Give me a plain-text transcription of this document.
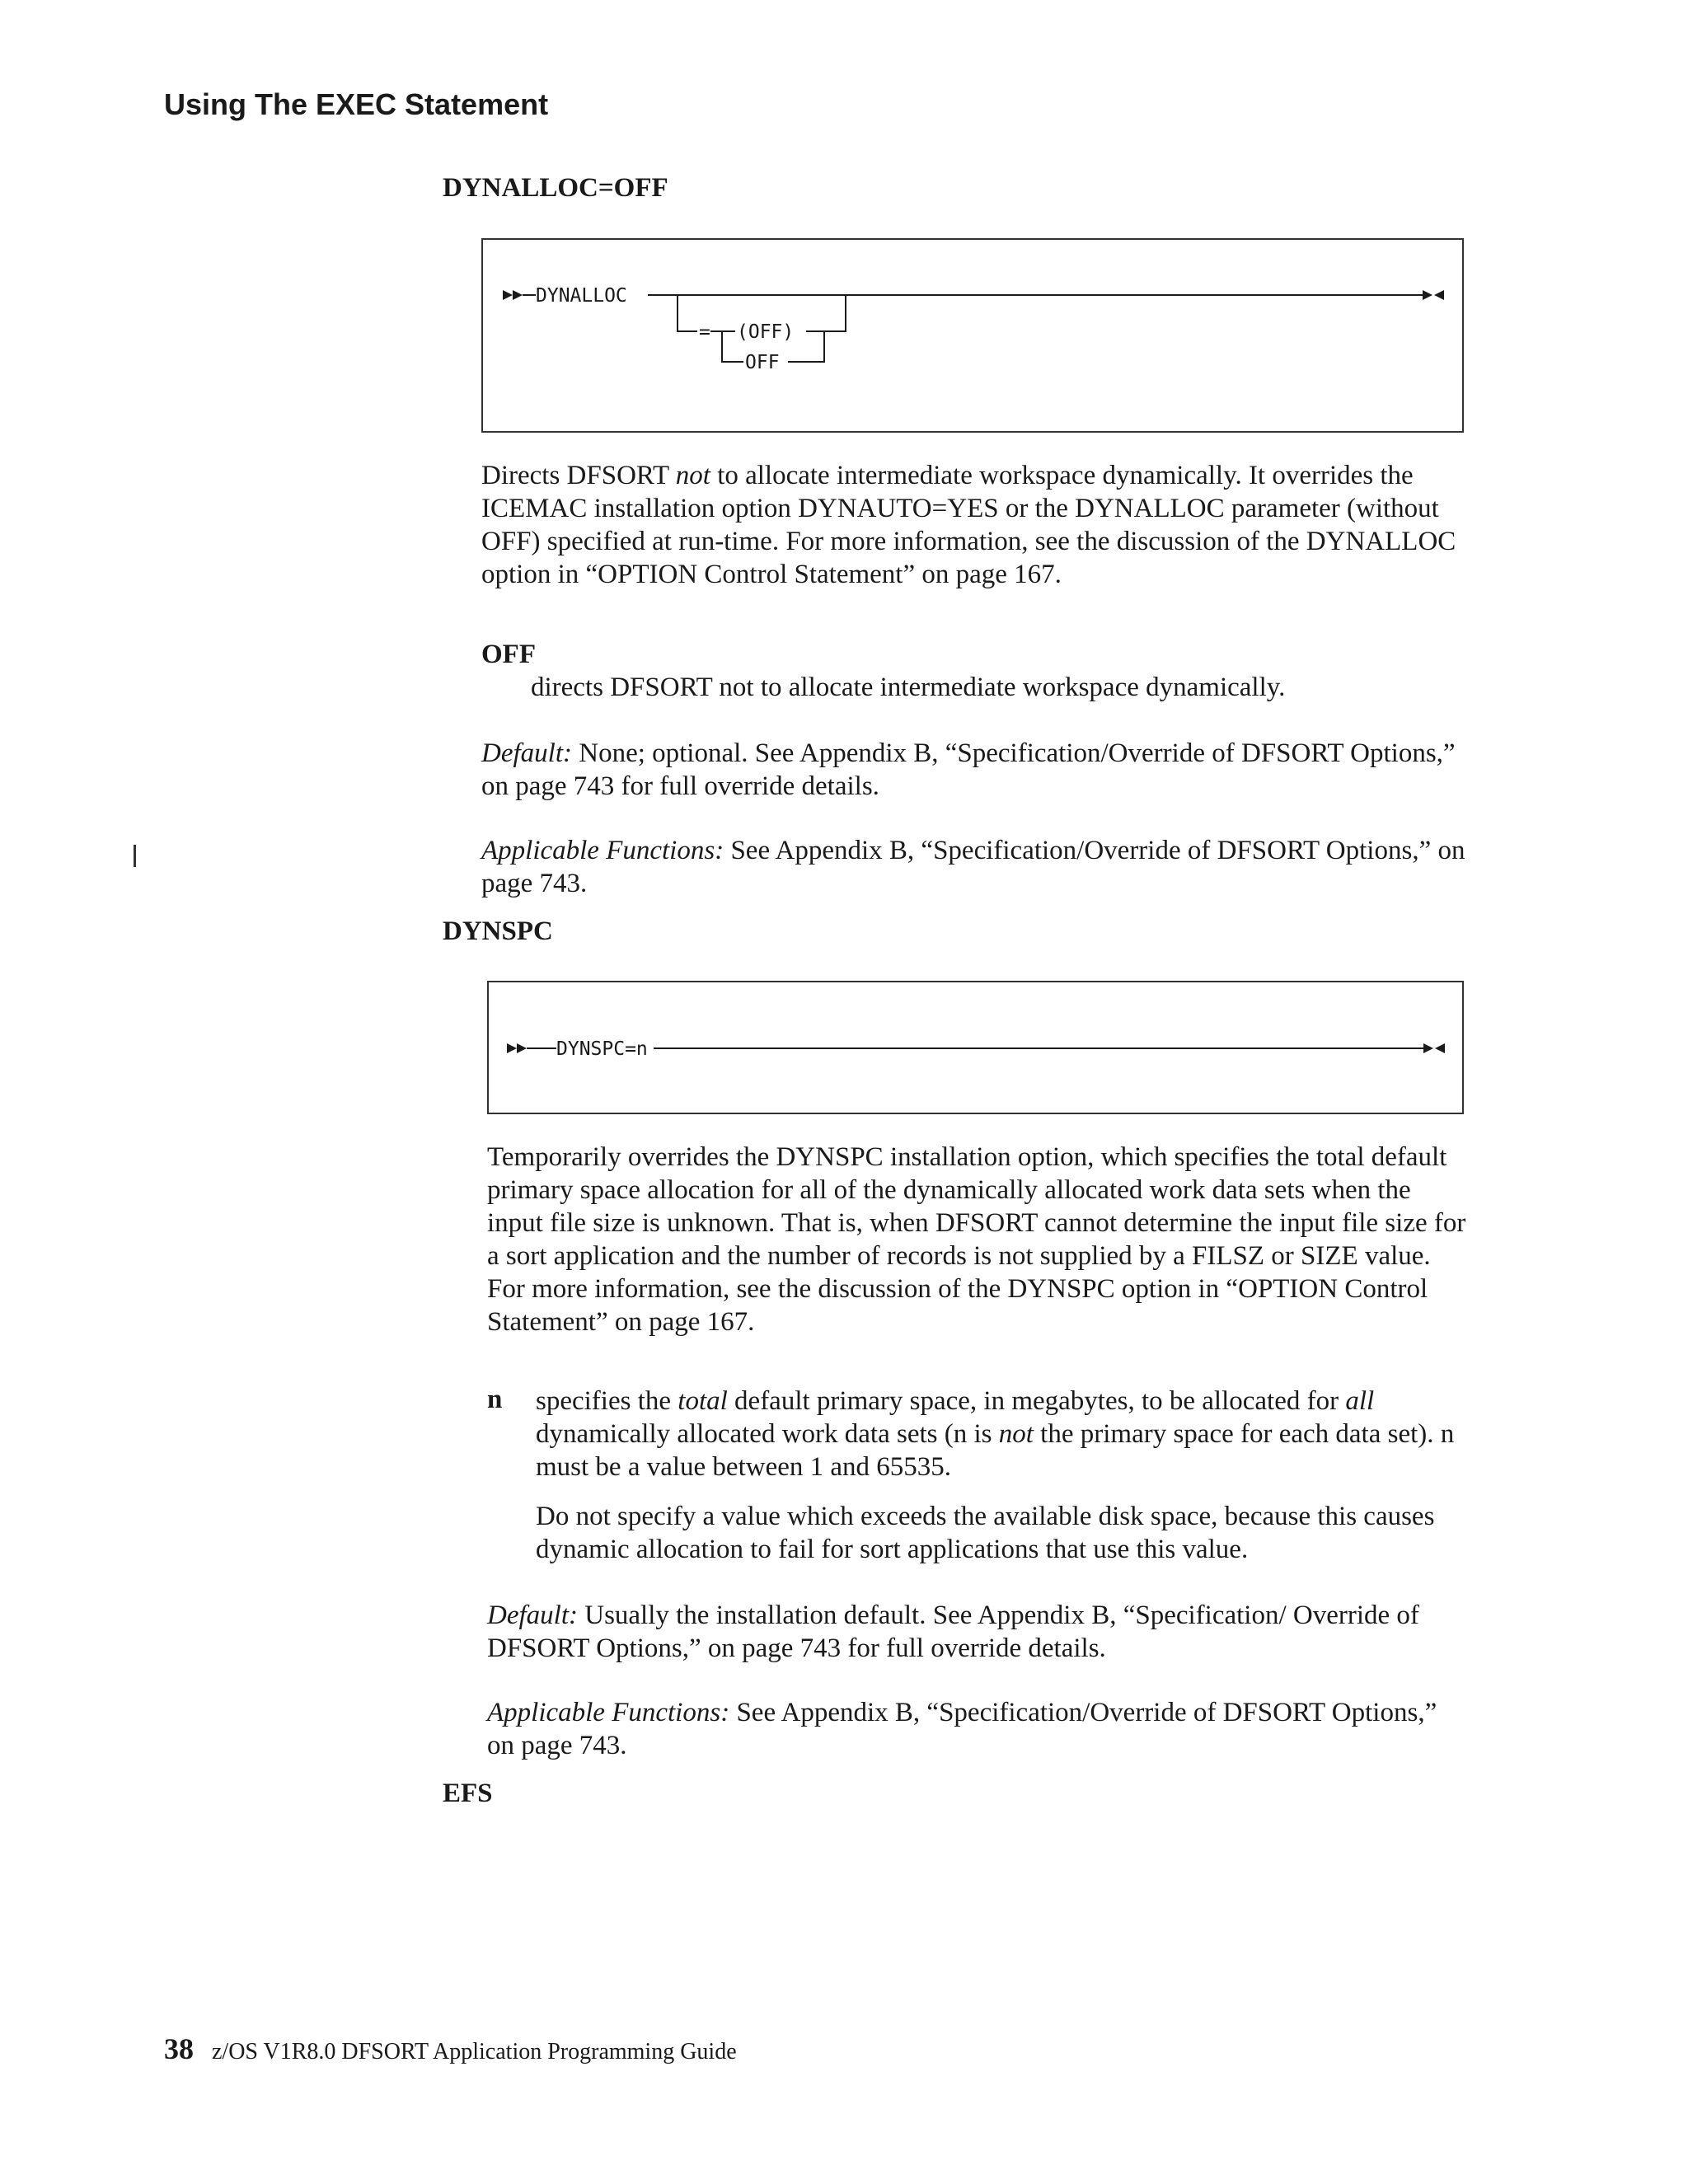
Using The EXEC Statement
DYNALLOC=OFF
DYNALLOC
= (OFF)
OFF

Directs DFSORT not to allocate intermediate workspace dynamically. It overrides the ICEMAC installation option DYNAUTO=YES or the DYNALLOC parameter (without OFF) specified at run-time. For more information, see the discussion of the DYNALLOC option in “OPTION Control Statement” on page 167.

OFF

directs DFSORT not to allocate intermediate workspace dynamically.

Default: None; optional. See Appendix B, “Specification/Override of DFSORT Options,” on page 743 for full override details.

Applicable Functions: See Appendix B, “Specification/Override of DFSORT Options,” on page 743.

DYNSPC
DYNSPC=n

Temporarily overrides the DYNSPC installation option, which specifies the total default primary space allocation for all of the dynamically allocated work data sets when the input file size is unknown. That is, when DFSORT cannot determine the input file size for a sort application and the number of records is not supplied by a FILSZ or SIZE value. For more information, see the discussion of the DYNSPC option in “OPTION Control Statement” on page 167.

n specifies the total default primary space, in megabytes, to be allocated for all dynamically allocated work data sets (n is not the primary space for each data set). n must be a value between 1 and 65535.

Do not specify a value which exceeds the available disk space, because this causes dynamic allocation to fail for sort applications that use this value.

Default: Usually the installation default. See Appendix B, “Specification/ Override of DFSORT Options,” on page 743 for full override details.

Applicable Functions: See Appendix B, “Specification/Override of DFSORT Options,” on page 743.

EFS

38 z/OS V1R8.0 DFSORT Application Programming Guide
